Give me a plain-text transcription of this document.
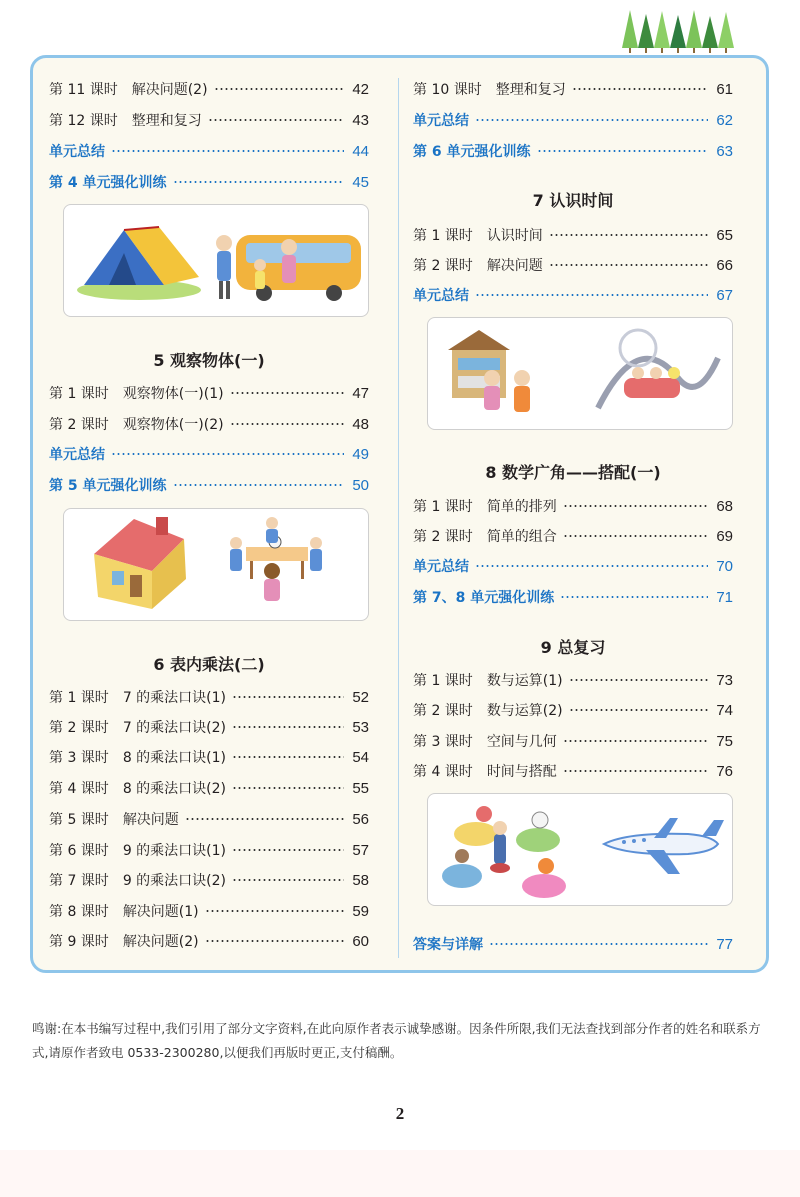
第 11 课时 解决问题(2)	42
第 12 课时 整理和复习	43
单元总结	44
第 4 单元强化训练	45
5 观察物体(一)
第 1 课时 观察物体(一)(1)	47
第 2 课时 观察物体(一)(2)	48
单元总结	49
第 5 单元强化训练	50
6 表内乘法(二)
第 1 课时 7 的乘法口诀(1)	52
第 2 课时 7 的乘法口诀(2)	53
第 3 课时 8 的乘法口诀(1)	54
第 4 课时 8 的乘法口诀(2)	55
第 5 课时 解决问题	56
第 6 课时 9 的乘法口诀(1)	57
第 7 课时 9 的乘法口诀(2)	58
第 8 课时 解决问题(1)	59
第 9 课时 解决问题(2)	60
第 10 课时 整理和复习	61
单元总结	62
第 6 单元强化训练	63
7 认识时间
第 1 课时 认识时间	65
第 2 课时 解决问题	66
单元总结	67
8 数学广角——搭配(一)
第 1 课时 简单的排列	68
第 2 课时 简单的组合	69
单元总结	70
第 7、8 单元强化训练	71
9 总复习
第 1 课时 数与运算(1)	73
第 2 课时 数与运算(2)	74
第 3 课时 空间与几何	75
第 4 课时 时间与搭配	76
答案与详解	77

鸣谢:在本书编写过程中,我们引用了部分文字资料,在此向原作者表示诚挚感谢。因条件所限,我们无法查找到部分作者的姓名和联系方式,请原作者致电 0533-2300280,以便我们再版时更正,支付稿酬。

2
